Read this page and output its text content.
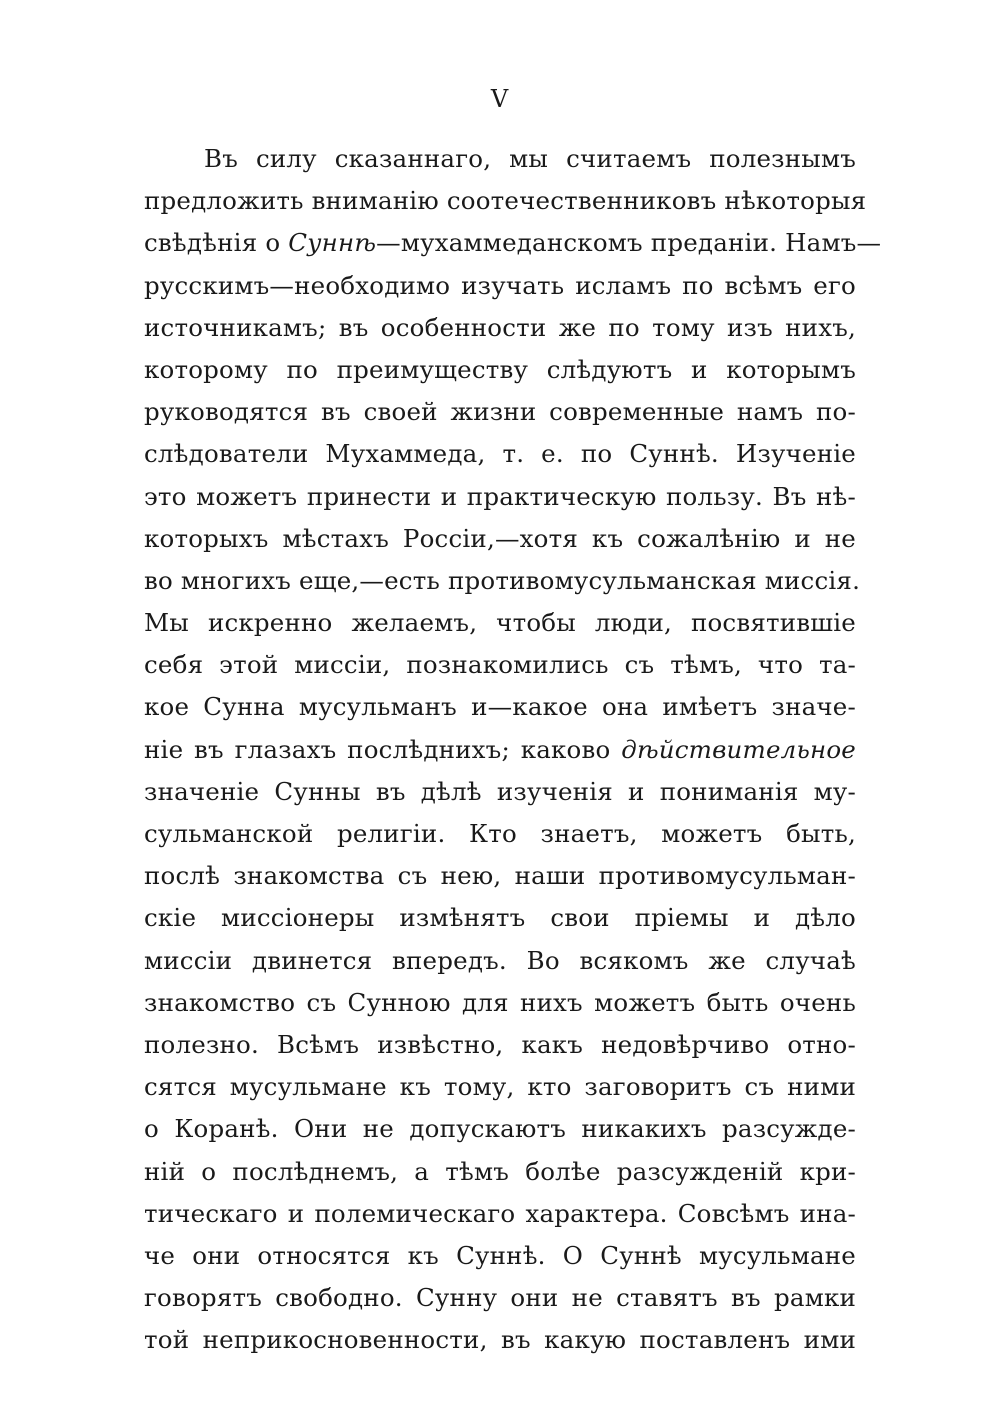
V
Въ силу сказаннаго, мы считаемъ полезнымъ
предложить вниманію соотечественниковъ нѣкоторыя
свѣдѣнія о Суннѣ—мухаммеданскомъ преданіи. Намъ—
русскимъ—необходимо изучать исламъ по всѣмъ его
источникамъ; въ особенности же по тому изъ нихъ,
которому по преимуществу слѣдуютъ и которымъ
руководятся въ своей жизни современные намъ по-
слѣдователи Мухаммеда, т. е. по Суннѣ. Изученіе
это можетъ принести и практическую пользу. Въ нѣ-
которыхъ мѣстахъ Россіи,—хотя къ сожалѣнію и не
во многихъ еще,—есть противомусульманская миссія.
Мы искренно желаемъ, чтобы люди, посвятившіе
себя этой миссіи, познакомились съ тѣмъ, что та-
кое Сунна мусульманъ и—какое она имѣетъ значе-
ніе въ глазахъ послѣднихъ; каково дѣйствительное
значеніе Сунны въ дѣлѣ изученія и пониманія му-
сульманской религіи. Кто знаетъ, можетъ быть,
послѣ знакомства съ нею, наши противомусульман-
скіе миссіонеры измѣнятъ свои пріемы и дѣло
миссіи двинется впередъ. Во всякомъ же случаѣ
знакомство съ Сунною для нихъ можетъ быть очень
полезно. Всѣмъ извѣстно, какъ недовѣрчиво отно-
сятся мусульмане къ тому, кто заговоритъ съ ними
о Коранѣ. Они не допускаютъ никакихъ разсужде-
ній о послѣднемъ, а тѣмъ болѣе разсужденій кри-
тическаго и полемическаго характера. Совсѣмъ ина-
че они относятся къ Суннѣ. О Суннѣ мусульмане
говорятъ свободно. Сунну они не ставятъ въ рамки
той неприкосновенности, въ какую поставленъ ими
